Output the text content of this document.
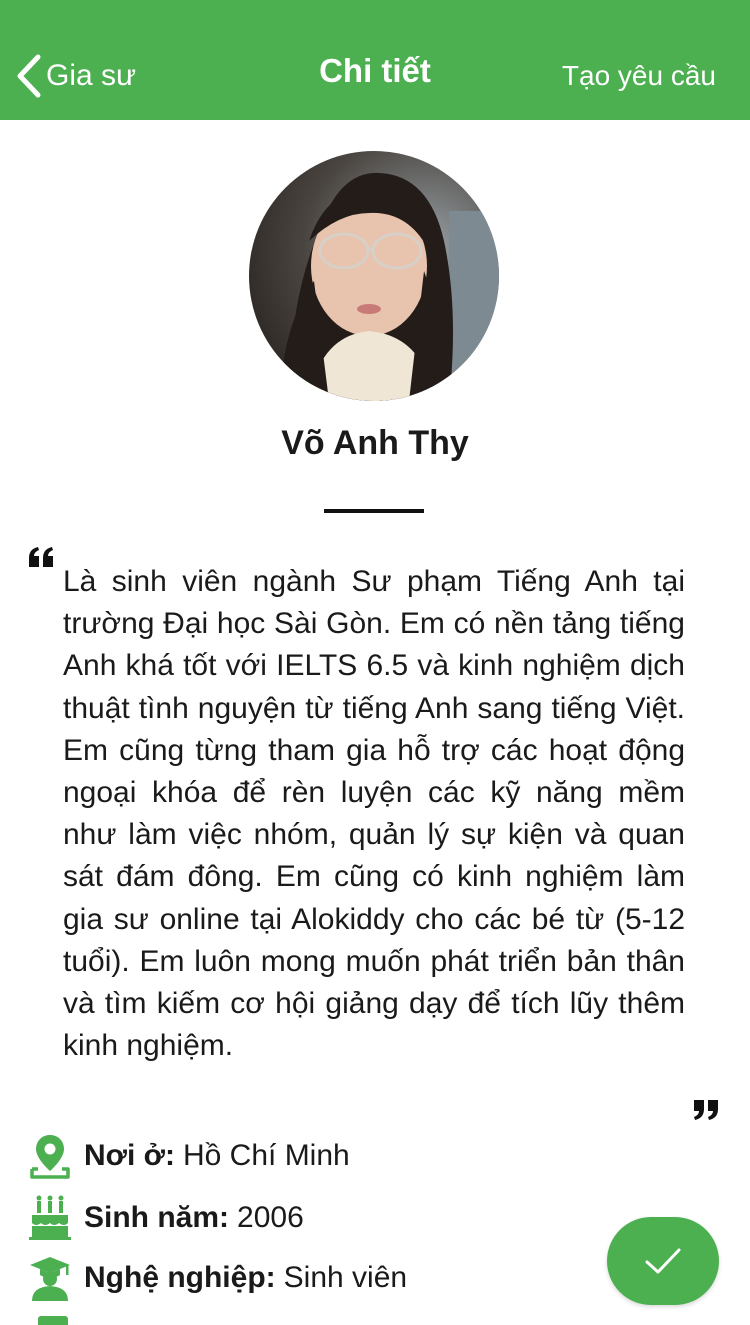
Gia sư	Chi tiết	Tạo yêu cầu
Võ Anh Thy
Là sinh viên ngành Sư phạm Tiếng Anh tại trường Đại học Sài Gòn. Em có nền tảng tiếng Anh khá tốt với IELTS 6.5 và kinh nghiệm dịch thuật tình nguyện từ tiếng Anh sang tiếng Việt. Em cũng từng tham gia hỗ trợ các hoạt động ngoại khóa để rèn luyện các kỹ năng mềm như làm việc nhóm, quản lý sự kiện và quan sát đám đông. Em cũng có kinh nghiệm làm gia sư online tại Alokiddy cho các bé từ (5-12 tuổi). Em luôn mong muốn phát triển bản thân và tìm kiếm cơ hội giảng dạy để tích lũy thêm kinh nghiệm.
Nơi ở: Hồ Chí Minh
Sinh năm: 2006
Nghệ nghiệp: Sinh viên
